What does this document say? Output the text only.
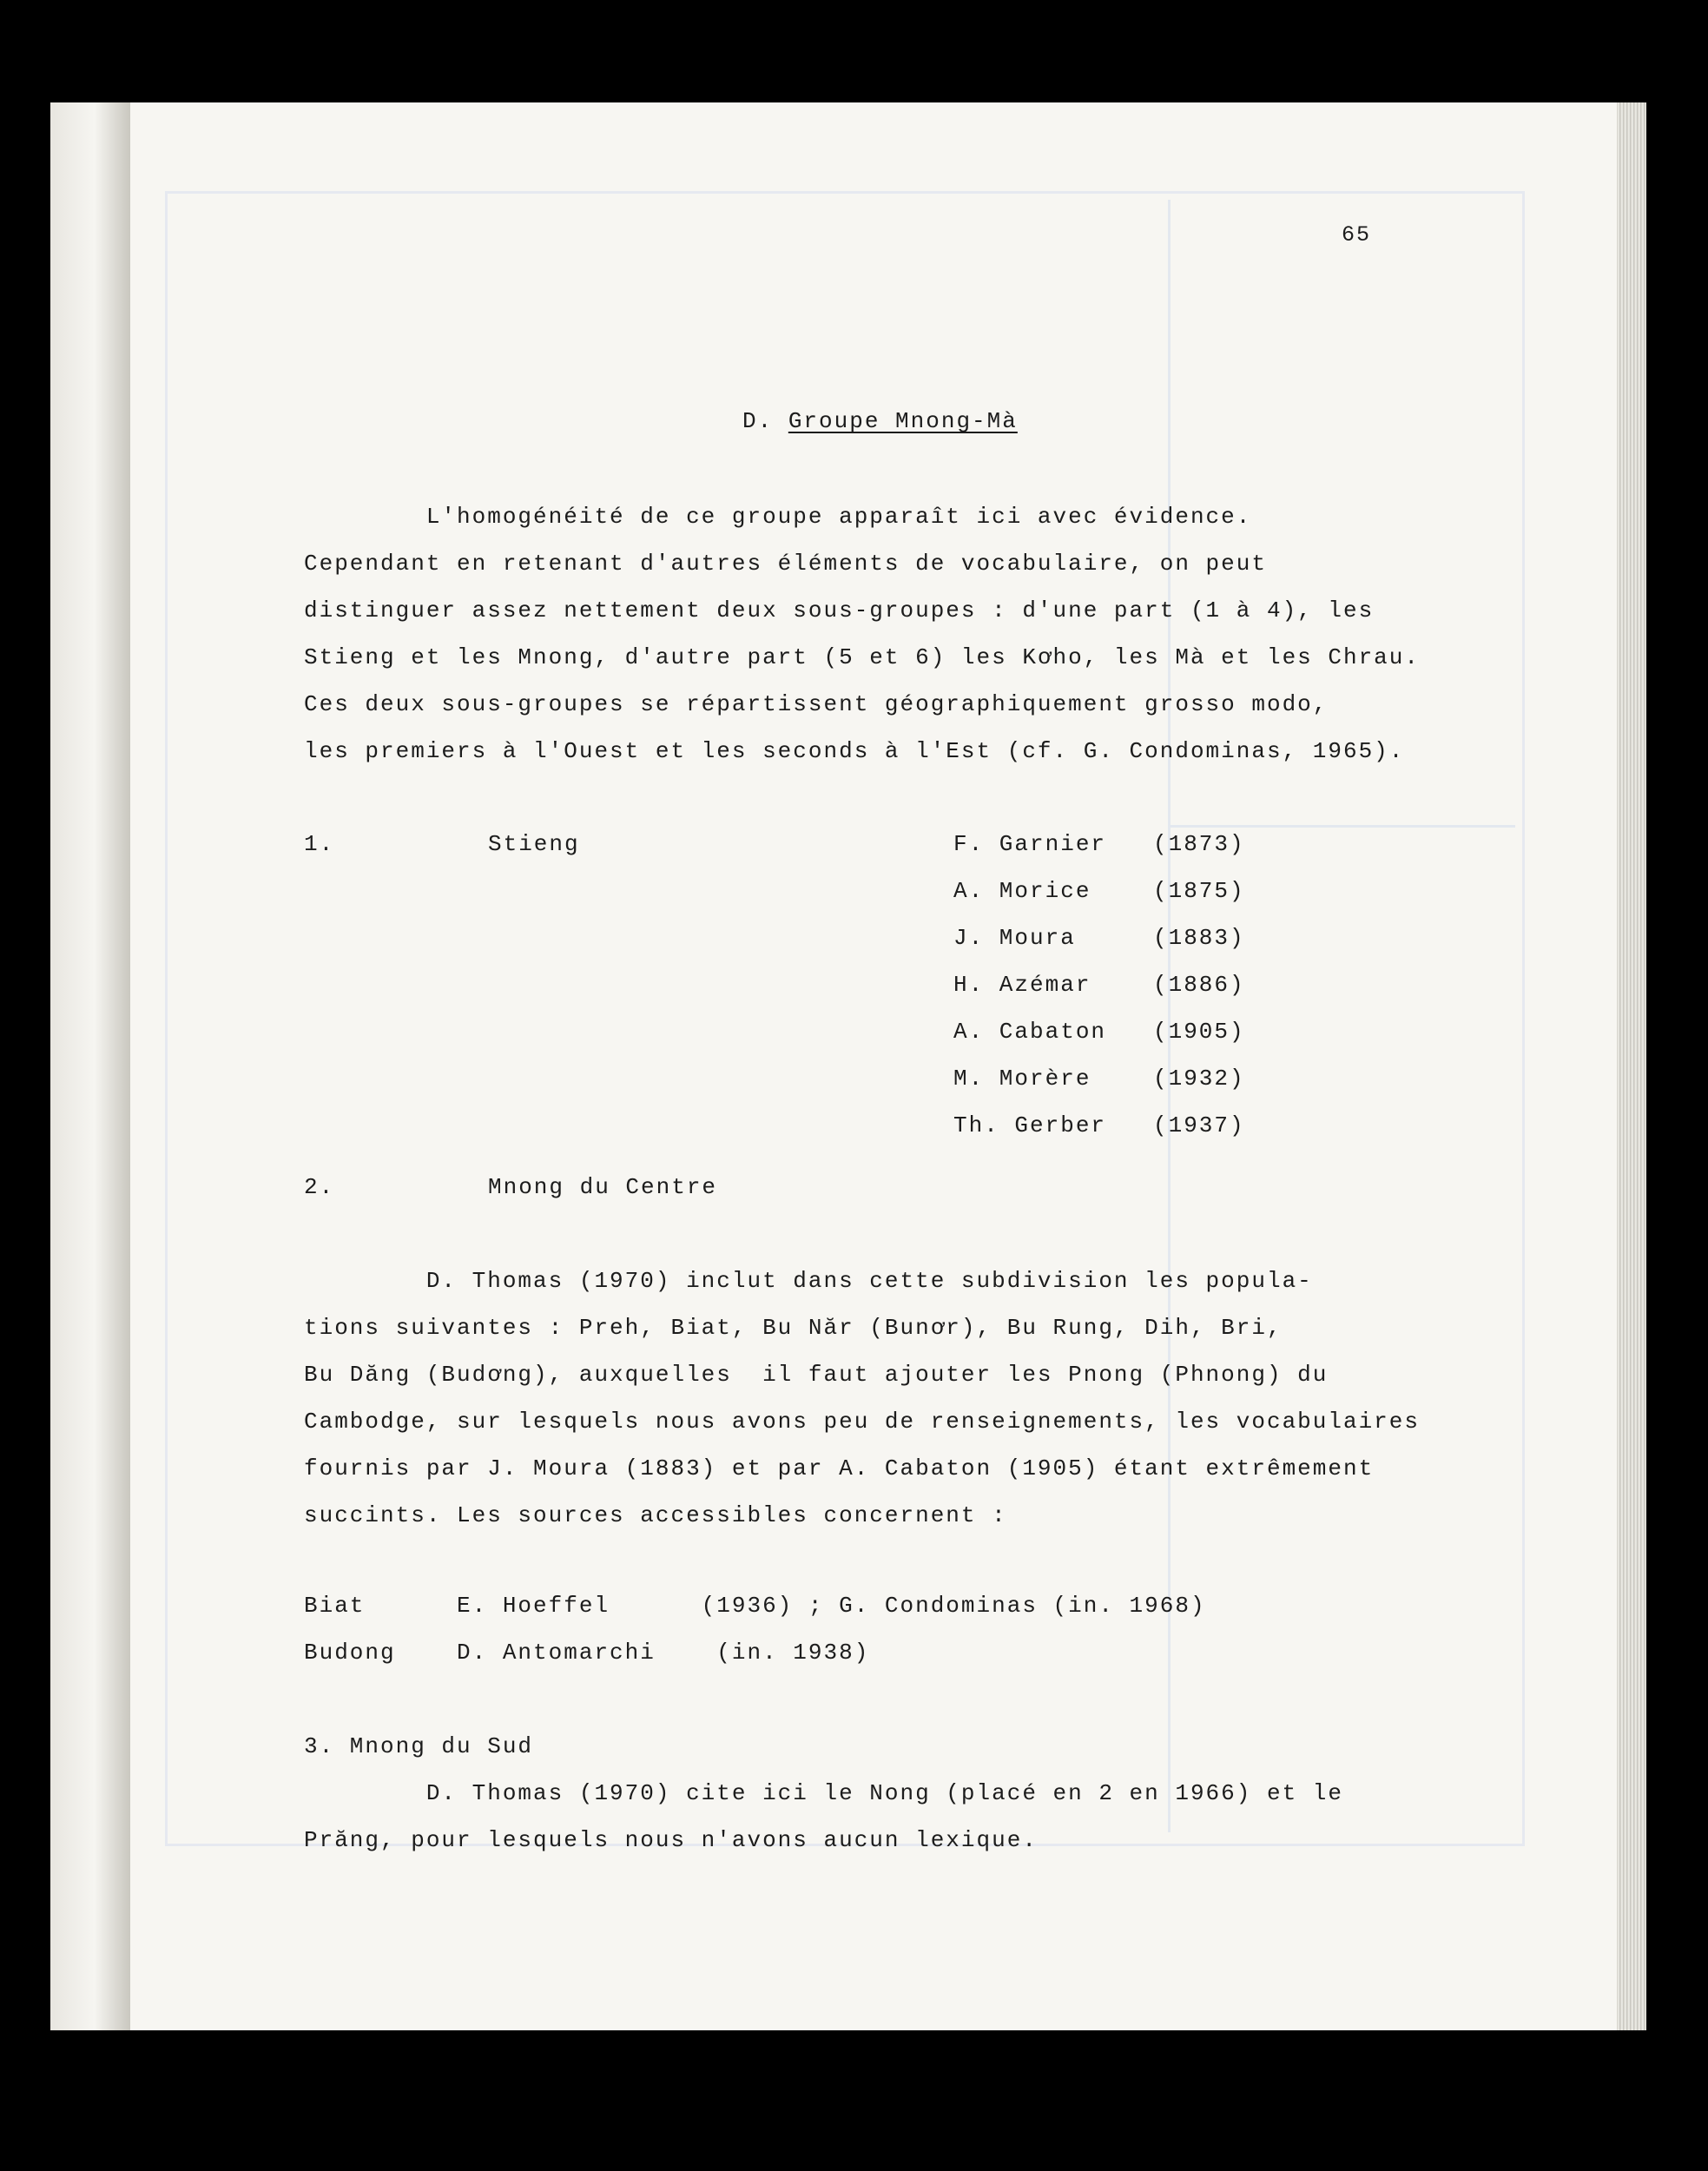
65
D. Groupe Mnong-Mà
L'homogénéité de ce groupe apparaît ici avec évidence.
Cependant en retenant d'autres éléments de vocabulaire, on peut
distinguer assez nettement deux sous-groupes : d'une part (1 à 4), les
Stieng et les Mnong, d'autre part (5 et 6) les Kơho, les Mà et les Chrau.
Ces deux sous-groupes se répartissent géographiquement grosso modo,
les premiers à l'Ouest et les seconds à l'Est (cf. G. Condominas, 1965).
1.	Stieng	F. Garnier (1873)
A. Morice	(1875)
J. Moura	(1883)
H. Azémar	(1886)
A. Cabaton (1905)
M. Morère	(1932)
Th. Gerber (1937)
2.	Mnong du Centre
D. Thomas (1970) inclut dans cette subdivision les popula-
tions suivantes : Preh, Biat, Bu Năr (Bunơr), Bu Rung, Dih, Bri,
Bu Dăng (Budơng), auxquelles  il faut ajouter les Pnong (Phnong) du
Cambodge, sur lesquels nous avons peu de renseignements, les vocabulaires
fournis par J. Moura (1883) et par A. Cabaton (1905) étant extrêmement
succints. Les sources accessibles concernent :
Biat      E. Hoeffel      (1936) ; G. Condominas (in. 1968)
Budong    D. Antomarchi    (in. 1938)
3. Mnong du Sud
D. Thomas (1970) cite ici le Nong (placé en 2 en 1966) et le
Prăng, pour lesquels nous n'avons aucun lexique.
